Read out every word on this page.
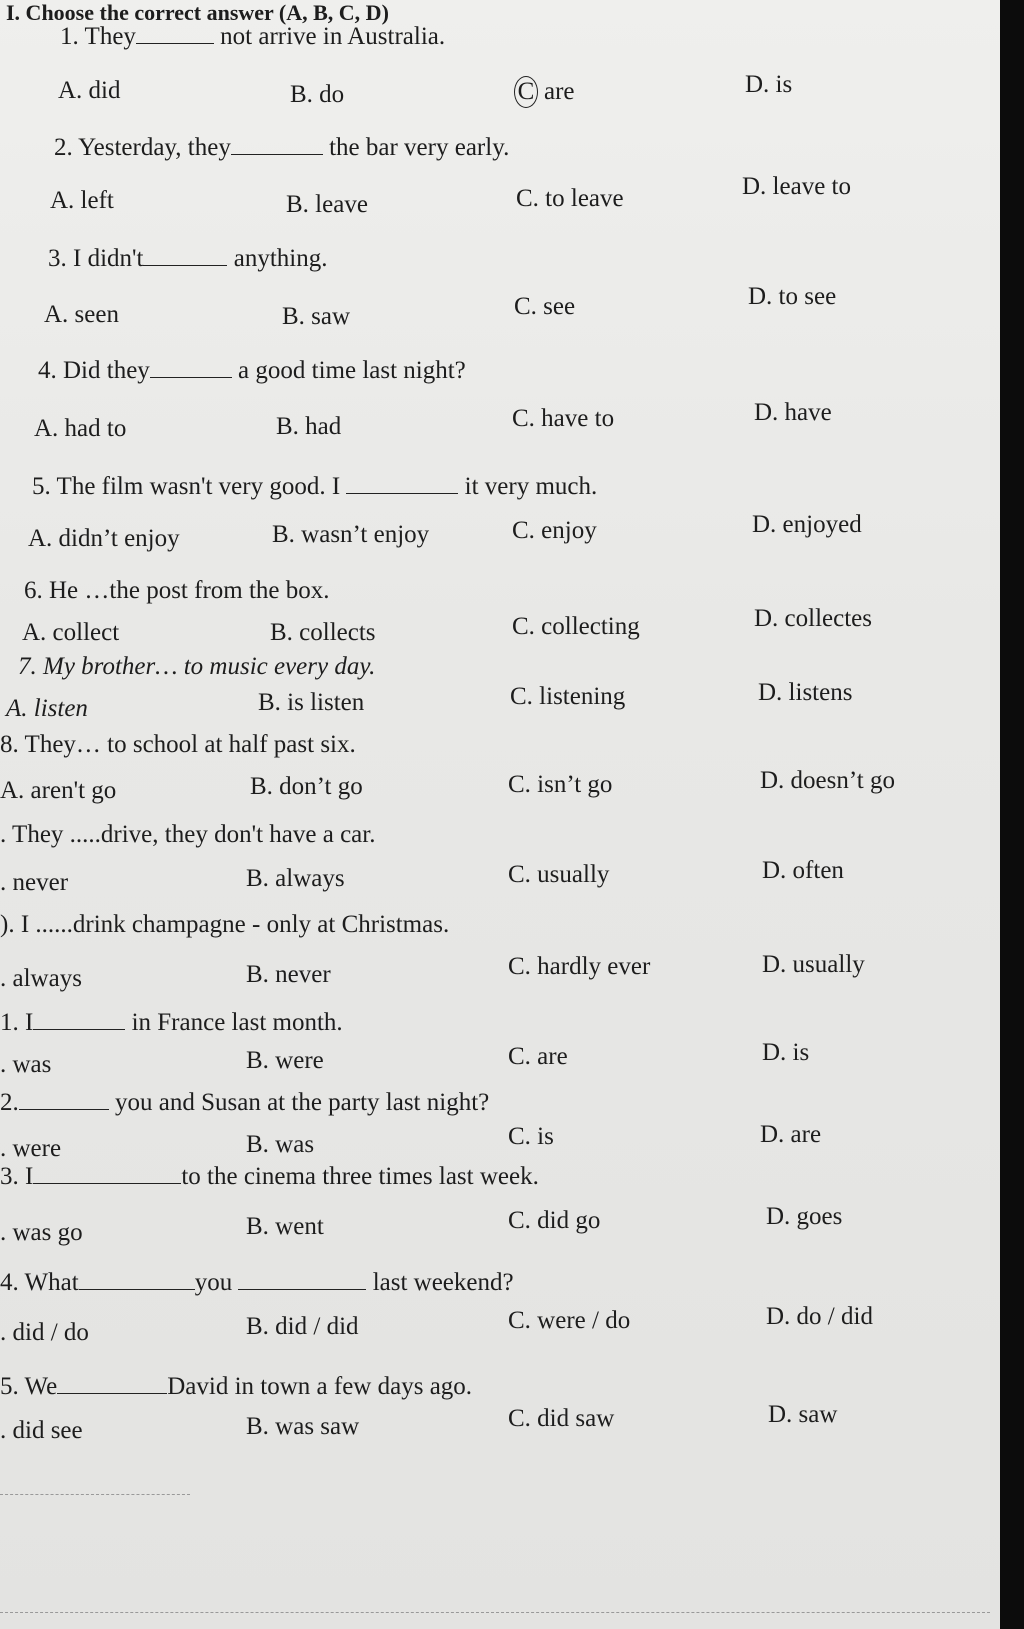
I. Choose the correct answer (A, B, C, D)
1. They	not arrive in Australia.
A. did	B. do	C are	D. is
2. Yesterday, they	the bar very early.
A. left	B. leave	C. to leave	D. leave to
3. I didn't	anything.
A. seen	B. saw	C. see	D. to see
4. Did they	a good time last night?
A. had to	B. had	C. have to	D. have
5. The film wasn't very good. I	it very much.
A. didn’t enjoy	B. wasn’t enjoy	C. enjoy	D. enjoyed
6. He …the post from the box.
A. collect	B. collects	C. collecting	D. collectes
7. My brother… to music every day.
A. listen	B. is listen	C. listening	D. listens
8. They… to school at half past six.
A. aren't go	B. don’t go	C. isn’t go	D. doesn’t go
. They .....drive, they don't have a car.
. never	B. always	C. usually	D. often
). I ......drink champagne - only at Christmas.
. always	B. never	C. hardly ever	D. usually
1. I	in France last month.
. was	B. were	C. are	D. is
2.	you and Susan at the party last night?
. were	B. was	C. is	D. are
3. I	to the cinema three times last week.
. was go	B. went	C. did go	D. goes
4. What	you	last weekend?
. did / do	B. did / did	C. were / do	D. do / did
5. We	David in town a few days ago.
. did see	B. was saw	C. did saw	D. saw
